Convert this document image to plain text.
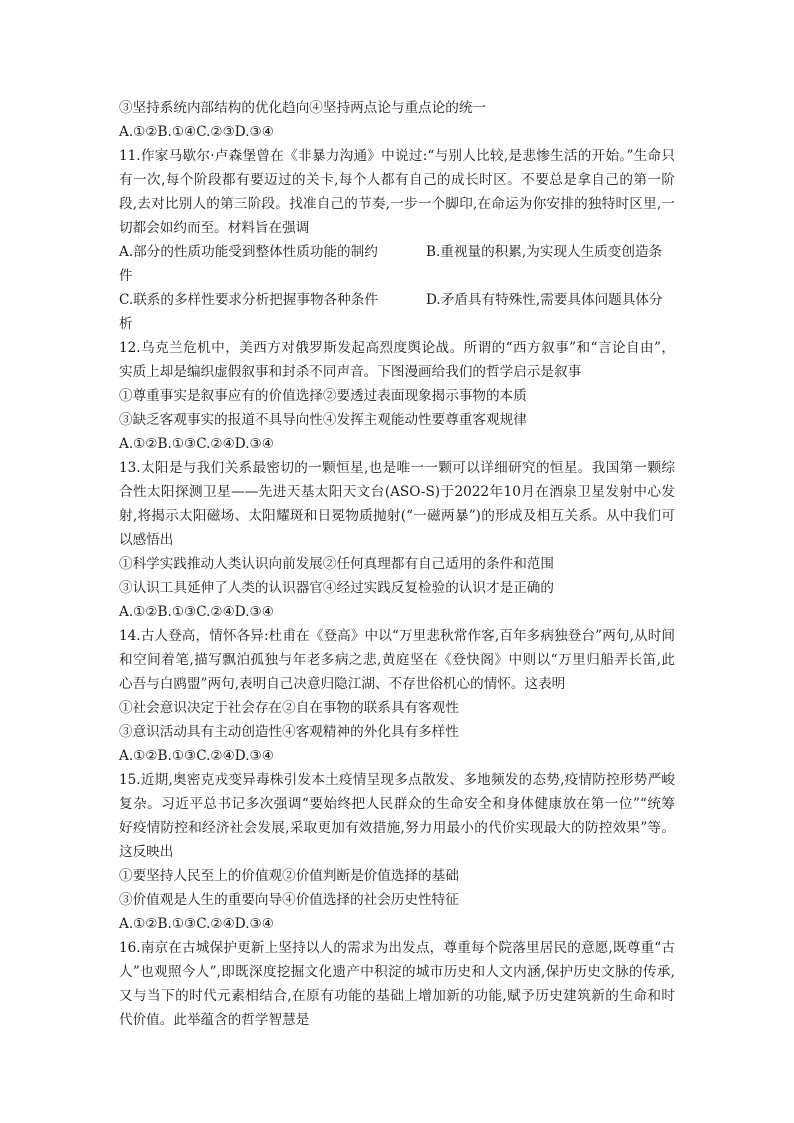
③坚持系统内部结构的优化趋向④坚持两点论与重点论的统一
A.①②B.①④C.②③D.③④
11.作家马歇尔·卢森堡曾在《非暴力沟通》中说过:“与别人比较,是悲惨生活的开始。”生命只
有一次,每个阶段都有要迈过的关卡,每个人都有自己的成长时区。不要总是拿自己的第一阶
段,去对比别人的第三阶段。找准自己的节奏,一步一个脚印,在命运为你安排的独特时区里,一
切都会如约而至。材料旨在强调
A.部分的性质功能受到整体性质功能的制约	B.重视量的积累,为实现人生质变创造条
件
C.联系的多样性要求分析把握事物各种条件	D.矛盾具有特殊性,需要具体问题具体分
析
12.乌克兰危机中，美西方对俄罗斯发起高烈度舆论战。所谓的“西方叙事”和“言论自由”，
实质上却是编织虚假叙事和封杀不同声音。下图漫画给我们的哲学启示是叙事
①尊重事实是叙事应有的价值选择②要透过表面现象揭示事物的本质
③缺乏客观事实的报道不具导向性④发挥主观能动性要尊重客观规律
A.①②B.①③C.②④D.③④
13.太阳是与我们关系最密切的一颗恒星,也是唯一一颗可以详细研究的恒星。我国第一颗综
合性太阳探测卫星——先进天基太阳天文台(ASO-S)于2022年10月在酒泉卫星发射中心发
射,将揭示太阳磁场、太阳耀斑和日冕物质抛射(“一磁两暴”)的形成及相互关系。从中我们可
以感悟出
①科学实践推动人类认识向前发展②任何真理都有自己适用的条件和范围
③认识工具延伸了人类的认识器官④经过实践反复检验的认识才是正确的
A.①②B.①③C.②④D.③④
14.古人登高，情怀各异:杜甫在《登高》中以“万里悲秋常作客,百年多病独登台”两句,从时间
和空间着笔,描写飘泊孤独与年老多病之悲,黄庭坚在《登快阁》中则以“万里归船弄长笛,此
心吾与白鸥盟”两句,表明自己决意归隐江湖、不存世俗机心的情怀。这表明
①社会意识决定于社会存在②自在事物的联系具有客观性
③意识活动具有主动创造性④客观精神的外化具有多样性
A.①②B.①③C.②④D.③④
15.近期,奥密克戎变异毒株引发本土疫情呈现多点散发、多地频发的态势,疫情防控形势严峻
复杂。习近平总书记多次强调“要始终把人民群众的生命安全和身体健康放在第一位”“统筹
好疫情防控和经济社会发展,采取更加有效措施,努力用最小的代价实现最大的防控效果”等。
这反映出
①要坚持人民至上的价值观②价值判断是价值选择的基础
③价值观是人生的重要向导④价值选择的社会历史性特征
A.①②B.①③C.②④D.③④
16.南京在古城保护更新上坚持以人的需求为出发点，尊重每个院落里居民的意愿,既尊重“古
人”也观照今人”,即既深度挖掘文化遗产中积淀的城市历史和人文内涵,保护历史文脉的传承,
又与当下的时代元素相结合,在原有功能的基础上增加新的功能,赋予历史建筑新的生命和时
代价值。此举蕴含的哲学智慧是
